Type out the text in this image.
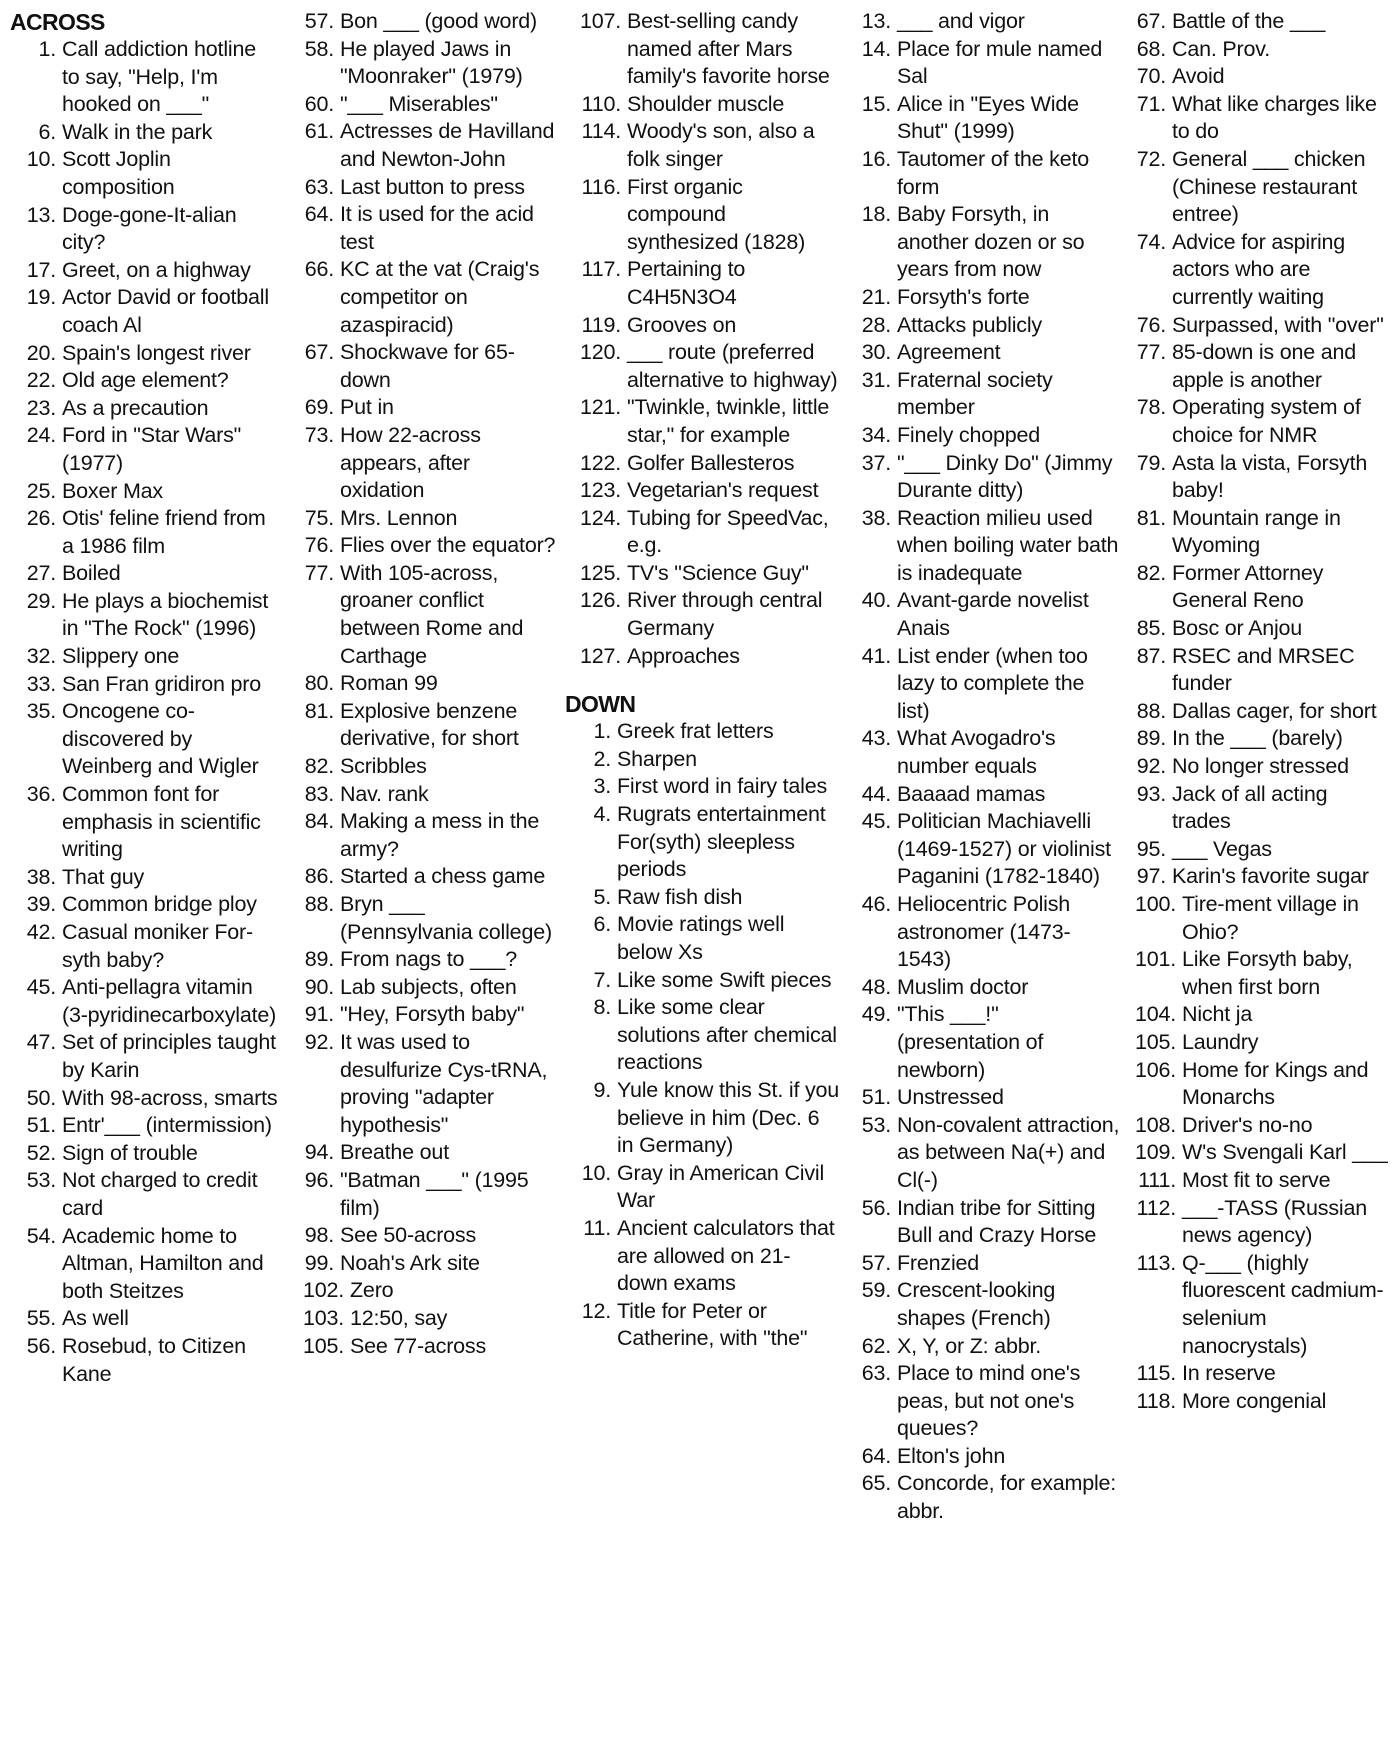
ACROSS
1. Call addiction hotline to say, "Help, I'm hooked on ___"
6. Walk in the park
10. Scott Joplin composition
13. Doge-gone-It-alian city?
17. Greet, on a highway
19. Actor David or football coach Al
20. Spain's longest river
22. Old age element?
23. As a precaution
24. Ford in "Star Wars" (1977)
25. Boxer Max
26. Otis' feline friend from a 1986 film
27. Boiled
29. He plays a biochemist in "The Rock" (1996)
32. Slippery one
33. San Fran gridiron pro
35. Oncogene co-discovered by Weinberg and Wigler
36. Common font for emphasis in scientific writing
38. That guy
39. Common bridge ploy
42. Casual moniker For-syth baby?
45. Anti-pellagra vitamin (3-pyridinecarboxylate)
47. Set of principles taught by Karin
50. With 98-across, smarts
51. Entr'___ (intermission)
52. Sign of trouble
53. Not charged to credit card
54. Academic home to Altman, Hamilton and both Steitzes
55. As well
56. Rosebud, to Citizen Kane
57. Bon ___ (good word)
58. He played Jaws in "Moonraker" (1979)
60. "___ Miserables"
61. Actresses de Havilland and Newton-John
63. Last button to press
64. It is used for the acid test
66. KC at the vat (Craig's competitor on azaspiracid)
67. Shockwave for 65-down
69. Put in
73. How 22-across appears, after oxidation
75. Mrs. Lennon
76. Flies over the equator?
77. With 105-across, groaner conflict between Rome and Carthage
80. Roman 99
81. Explosive benzene derivative, for short
82. Scribbles
83. Nav. rank
84. Making a mess in the army?
86. Started a chess game
88. Bryn ___ (Pennsylvania college)
89. From nags to ___?
90. Lab subjects, often
91. "Hey, Forsyth baby"
92. It was used to desulfurize Cys-tRNA, proving "adapter hypothesis"
94. Breathe out
96. "Batman ___" (1995 film)
98. See 50-across
99. Noah's Ark site
102. Zero
103. 12:50, say
105. See 77-across
107. Best-selling candy named after Mars family's favorite horse
110. Shoulder muscle
114. Woody's son, also a folk singer
116. First organic compound synthesized (1828)
117. Pertaining to C4H5N3O4
119. Grooves on
120. ___ route (preferred alternative to highway)
121. "Twinkle, twinkle, little star," for example
122. Golfer Ballesteros
123. Vegetarian's request
124. Tubing for SpeedVac, e.g.
125. TV's "Science Guy"
126. River through central Germany
127. Approaches
DOWN
1. Greek frat letters
2. Sharpen
3. First word in fairy tales
4. Rugrats entertainment For(syth) sleepless periods
5. Raw fish dish
6. Movie ratings well below Xs
7. Like some Swift pieces
8. Like some clear solutions after chemical reactions
9. Yule know this St. if you believe in him (Dec. 6 in Germany)
10. Gray in American Civil War
11. Ancient calculators that are allowed on 21-down exams
12. Title for Peter or Catherine, with "the"
13. ___ and vigor
14. Place for mule named Sal
15. Alice in "Eyes Wide Shut" (1999)
16. Tautomer of the keto form
18. Baby Forsyth, in another dozen or so years from now
21. Forsyth's forte
28. Attacks publicly
30. Agreement
31. Fraternal society member
34. Finely chopped
37. "___ Dinky Do" (Jimmy Durante ditty)
38. Reaction milieu used when boiling water bath is inadequate
40. Avant-garde novelist Anais
41. List ender (when too lazy to complete the list)
43. What Avogadro's number equals
44. Baaaad mamas
45. Politician Machiavelli (1469-1527) or violinist Paganini (1782-1840)
46. Heliocentric Polish astronomer (1473-1543)
48. Muslim doctor
49. "This ___!" (presentation of newborn)
51. Unstressed
53. Non-covalent attraction, as between Na(+) and Cl(-)
56. Indian tribe for Sitting Bull and Crazy Horse
57. Frenzied
59. Crescent-looking shapes (French)
62. X, Y, or Z: abbr.
63. Place to mind one's peas, but not one's queues?
64. Elton's john
65. Concorde, for example: abbr.
67. Battle of the ___
68. Can. Prov.
70. Avoid
71. What like charges like to do
72. General ___ chicken (Chinese restaurant entree)
74. Advice for aspiring actors who are currently waiting
76. Surpassed, with "over"
77. 85-down is one and apple is another
78. Operating system of choice for NMR
79. Asta la vista, Forsyth baby!
81. Mountain range in Wyoming
82. Former Attorney General Reno
85. Bosc or Anjou
87. RSEC and MRSEC funder
88. Dallas cager, for short
89. In the ___ (barely)
92. No longer stressed
93. Jack of all acting trades
95. ___ Vegas
97. Karin's favorite sugar
100. Tire-ment village in Ohio?
101. Like Forsyth baby, when first born
104. Nicht ja
105. Laundry
106. Home for Kings and Monarchs
108. Driver's no-no
109. W's Svengali Karl ___
111. Most fit to serve
112. ___-TASS (Russian news agency)
113. Q-___ (highly fluorescent cadmium-selenium nanocrystals)
115. In reserve
118. More congenial
